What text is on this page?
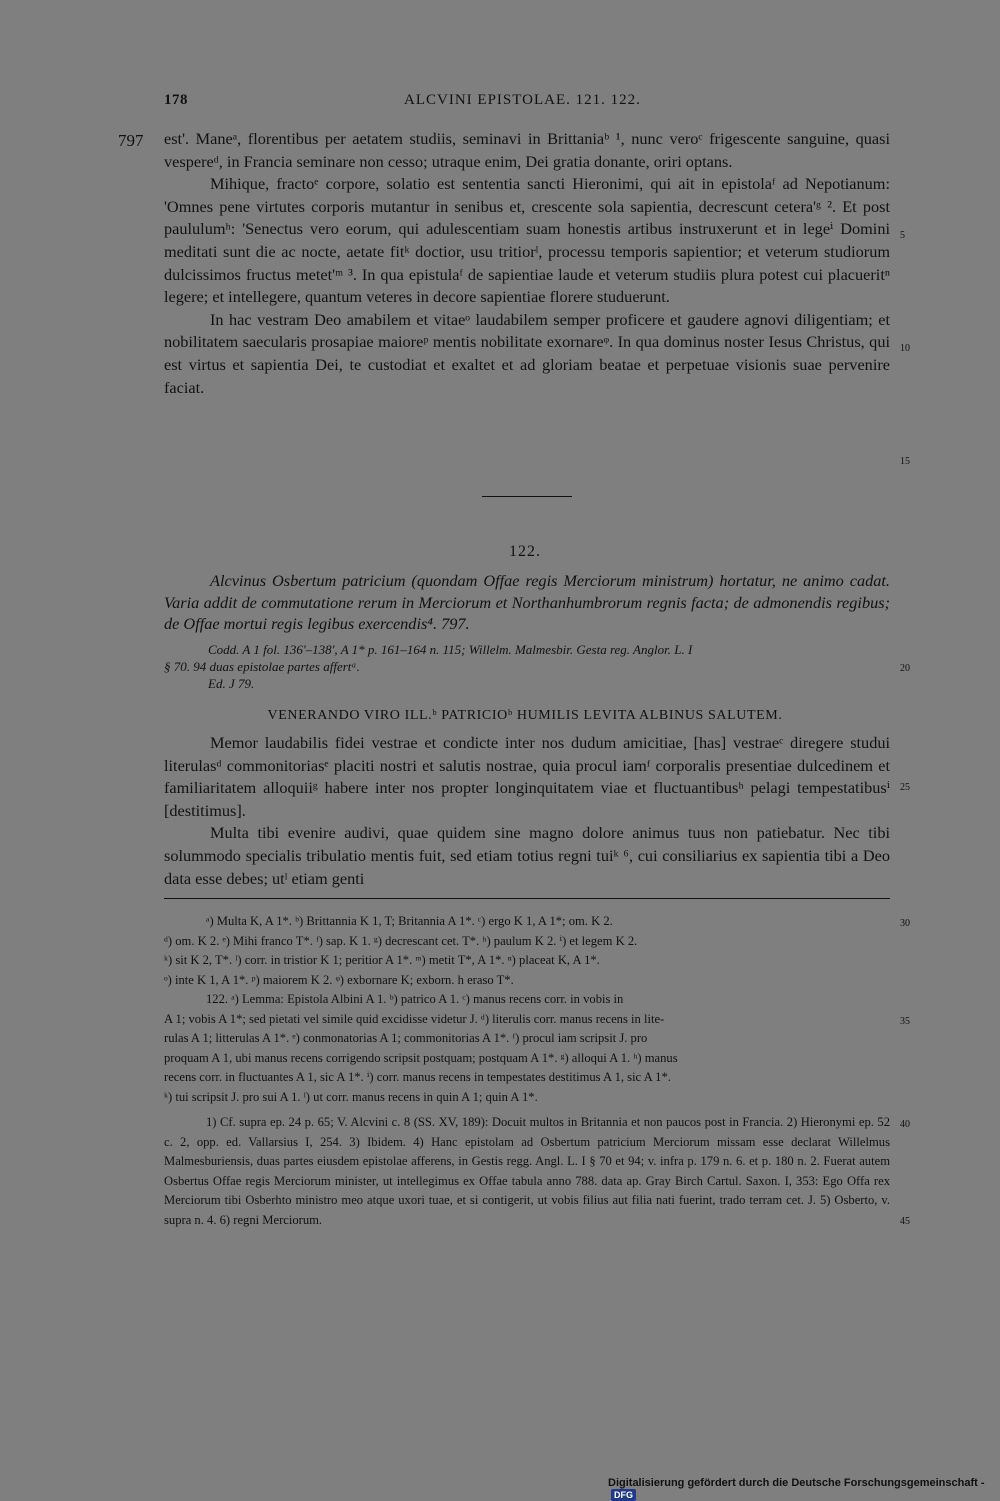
178	ALCVINI EPISTOLAE. 121. 122.
797 est'. Maneᵃ, florentibus per aetatem studiis, seminavi in Brittaniaᵇ ¹, nunc veroᶜ frigescente sanguine, quasi vespereᵈ, in Francia seminare non cesso; utraque enim, Dei gratia donante, oriri optans.

Mihique, fractoᵉ corpore, solatio est sententia sancti Hieronimi, qui ait in epistolaᶠ ad Nepotianum: 'Omnes pene virtutes corporis mutantur in senibus et, crescente sola sapientia, decrescunt cetera'ᵍ ². Et post paululumʰ: 'Senectus vero eorum, qui adulescentiam suam honestis artibus instruxerunt et in legeⁱ Domini meditati sunt die ac nocte, aetate fitᵏ doctior, usu tritiorˡ, processu temporis sapientior; et veterum studiorum dulcissimos fructus metet'ᵐ ³. In qua epistulaᶠ de sapientiae laude et veterum studiis plura potest cui placueritⁿ legere; et intellegere, quantum veteres in decore sapientiae florere studuerunt.

In hac vestram Deo amabilem et vitaeᵒ laudabilem semper proficere et gaudere agnovi diligentiam; et nobilitatem saecularis prosapiae maioreᵖ mentis nobilitate exornareᵠ. In qua dominus noster Iesus Christus, qui est virtus et sapientia Dei, te custodiat et exaltet et ad gloriam beatae et perpetuae visionis suae pervenire faciat.

5
10
15
122.

Alcvinus Osbertum patricium (quondam Offae regis Merciorum ministrum) hortatur, ne animo cadat. Varia addit de commutatione rerum in Merciorum et Northanhumbrorum regnis facta; de admonendis regibus; de Offae mortui regis legibus exercendis⁴. 797.

Codd. A 1 fol. 136'–138', A 1* p. 161–164 n. 115; Willelm. Malmesbir. Gesta reg. Anglor. L. I

§ 70. 94 duas epistolae partes affertᵃ.

Ed. J 79.

20
VENERANDO VIRO ILL.ᵇ PATRICIOᵇ HUMILIS LEVITA ALBINUS SALUTEM.

Memor laudabilis fidei vestrae et condicte inter nos dudum amicitiae, [has] vestraeᶜ diregere studui literulasᵈ commonitoriasᵉ placiti nostri et salutis nostrae, quia procul iamᶠ corporalis presentiae dulcedinem et familiaritatem alloquiiᵍ habere inter nos propter longinquitatem viae et fluctuantibusʰ pelagi tempestatibusⁱ [destitimus].

Multa tibi evenire audivi, quae quidem sine magno dolore animus tuus non patiebatur. Nec tibi solummodo specialis tribulatio mentis fuit, sed etiam totius regni tuiᵏ ⁶, cui consiliarius ex sapientia tibi a Deo data esse debes; utˡ etiam genti

25

ᵃ) Multa K, A 1*. ᵇ) Brittannia K 1, T; Britannia A 1*. ᶜ) ergo K 1, A 1*; om. K 2.

ᵈ) om. K 2. ᵉ) Mihi franco T*. ᶠ) sap. K 1. ᵍ) decrescant cet. T*. ʰ) paulum K 2. ⁱ) et legem K 2.

ᵏ) sit K 2, T*. ˡ) corr. in tristior K 1; peritior A 1*. ᵐ) metit T*, A 1*. ⁿ) placeat K, A 1*.

ᵒ) inte K 1, A 1*. ᵖ) maiorem K 2. ᵠ) exbornare K; exborn. h eraso T*.

122. ᵃ) Lemma: Epistola Albini A 1. ᵇ) patrico A 1. ᶜ) manus recens corr. in vobis in

A 1; vobis A 1*; sed pietati vel simile quid excidisse videtur J. ᵈ) literulis corr. manus recens in lite-

rulas A 1; litterulas A 1*. ᵉ) conmonatorias A 1; commonitorias A 1*. ᶠ) procul iam scripsit J. pro

proquam A 1, ubi manus recens corrigendo scripsit postquam; postquam A 1*. ᵍ) alloqui A 1. ʰ) manus

recens corr. in fluctuantes A 1, sic A 1*. ⁱ) corr. manus recens in tempestates destitimus A 1, sic A 1*.

ᵏ) tui scripsit J. pro sui A 1. ˡ) ut corr. manus recens in quin A 1; quin A 1*.

30
35

1) Cf. supra ep. 24 p. 65; V. Alcvini c. 8 (SS. XV, 189): Docuit multos in Britannia et non paucos post in Francia. 2) Hieronymi ep. 52 c. 2, opp. ed. Vallarsius I, 254. 3) Ibidem. 4) Hanc epistolam ad Osbertum patricium Merciorum missam esse declarat Willelmus Malmesburiensis, duas partes eiusdem epistolae afferens, in Gestis regg. Angl. L. I § 70 et 94; v. infra p. 179 n. 6. et p. 180 n. 2. Fuerat autem Osbertus Offae regis Merciorum minister, ut intellegimus ex Offae tabula anno 788. data ap. Gray Birch Cartul. Saxon. I, 353: Ego Offa rex Merciorum tibi Osberhto ministro meo atque uxori tuae, et si contigerit, ut vobis filius aut filia nati fuerint, trado terram cet. J. 5) Osberto, v. supra n. 4. 6) regni Merciorum.

40
45
Digitalisierung gefördert durch die Deutsche Forschungsgemeinschaft - DFG
